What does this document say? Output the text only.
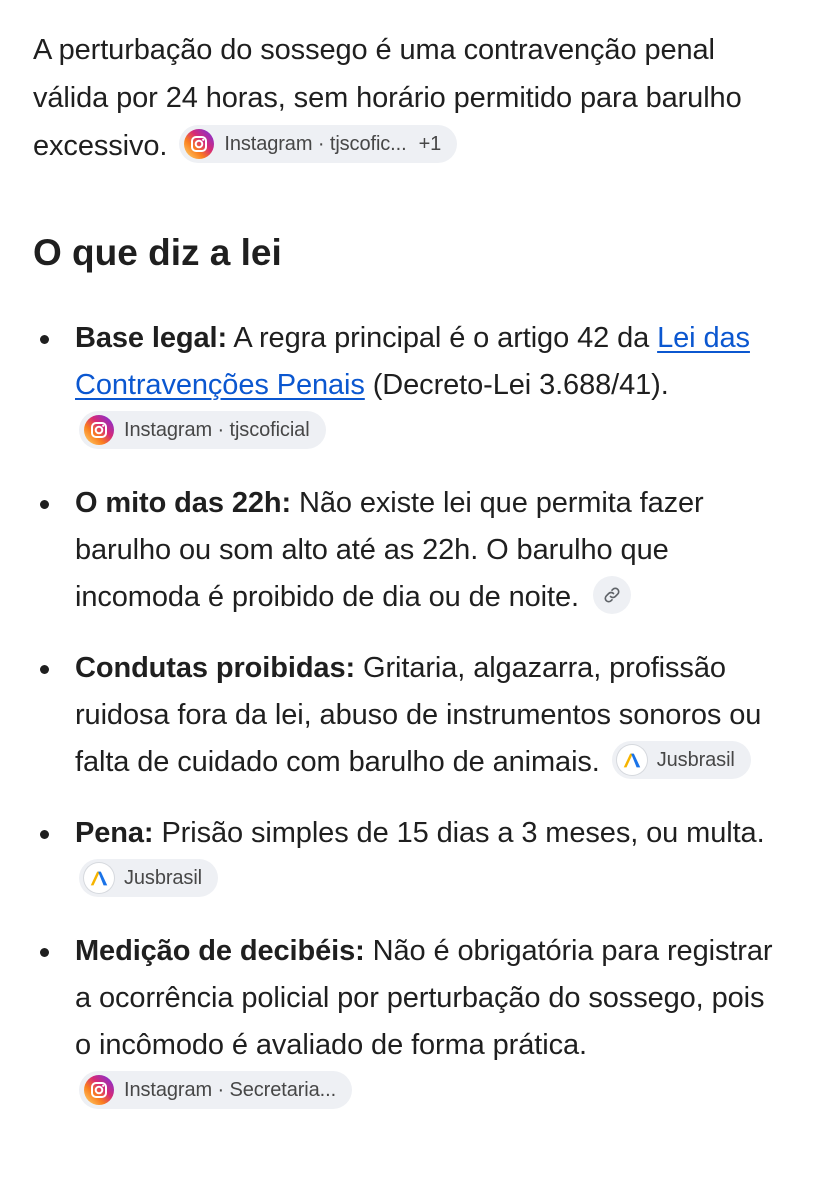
A perturbação do sossego é uma contravenção penal válida por 24 horas, sem horário permitido para barulho excessivo.	Instagram · tjscofic... +1

O que diz a lei
Base legal: A regra principal é o artigo 42 da Lei das Contravenções Penais (Decreto-Lei 3.688/41).
Instagram · tjscoficial
O mito das 22h: Não existe lei que permita fazer barulho ou som alto até as 22h. O barulho que incomoda é proibido de dia ou de noite.
Condutas proibidas: Gritaria, algazarra, profissão ruidosa fora da lei, abuso de instrumentos sonoros ou falta de cuidado com barulho de animais.	Jusbrasil
Pena: Prisão simples de 15 dias a 3 meses, ou multa.
Jusbrasil
Medição de decibéis: Não é obrigatória para registrar a ocorrência policial por perturbação do sossego, pois o incômodo é avaliado de forma prática.
Instagram · Secretaria...
